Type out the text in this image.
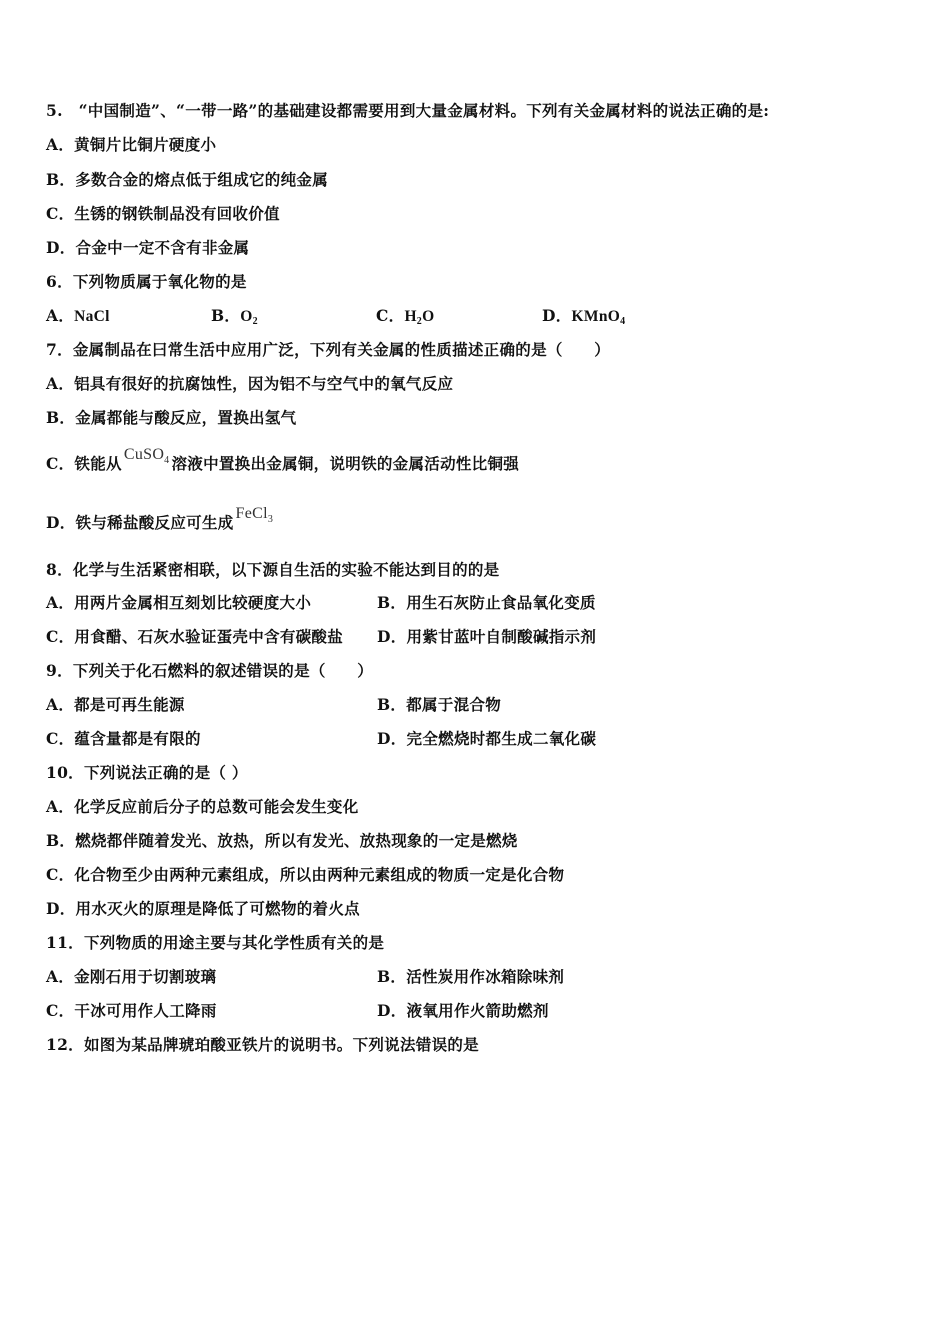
5.　“中国制造”、“一带一路”的基础建设都需要用到大量金属材料。下列有关金属材料的说法正确的是:
A．黄铜片比铜片硬度小
B．多数合金的熔点低于组成它的纯金属
C．生锈的钢铁制品没有回收价值
D．合金中一定不含有非金属
6．下列物质属于氧化物的是
A．NaCl	B．$O_2$	C．$H_2O$	D．KMnO$_4$
7．金属制品在曰常生活中应用广泛，下列有关金属的性质描述正确的是（　　）
A．铝具有很好的抗腐蚀性，因为铝不与空气中的氧气反应
B．金属都能与酸反应，置换出氢气
C．铁能从 CuSO$_4$ 溶液中置换出金属铜，说明铁的金属活动性比铜强
D．铁与稀盐酸反应可生成 FeCl$_3$
8．化学与生活紧密相联，以下源自生活的实验不能达到目的的是
A．用两片金属相互刻划比较硬度大小	B．用生石灰防止食品氧化变质
C．用食醋、石灰水验证蛋壳中含有碳酸盐 D．用紫甘蓝叶自制酸碱指示剂
9．下列关于化石燃料的叙述错误的是（　　）
A．都是可再生能源	B．都属于混合物
C．蕴含量都是有限的	D．完全燃烧时都生成二氧化碳
10．下列说法正确的是（ ）
A．化学反应前后分子的总数可能会发生变化
B．燃烧都伴随着发光、放热，所以有发光、放热现象的一定是燃烧
C．化合物至少由两种元素组成，所以由两种元素组成的物质一定是化合物
D．用水灭火的原理是降低了可燃物的着火点
11．下列物质的用途主要与其化学性质有关的是
A．金刚石用于切割玻璃	B．活性炭用作冰箱除味剂
C．干冰可用作人工降雨	D．液氧用作火箭助燃剂
12．如图为某品牌琥珀酸亚铁片的说明书。下列说法错误的是
